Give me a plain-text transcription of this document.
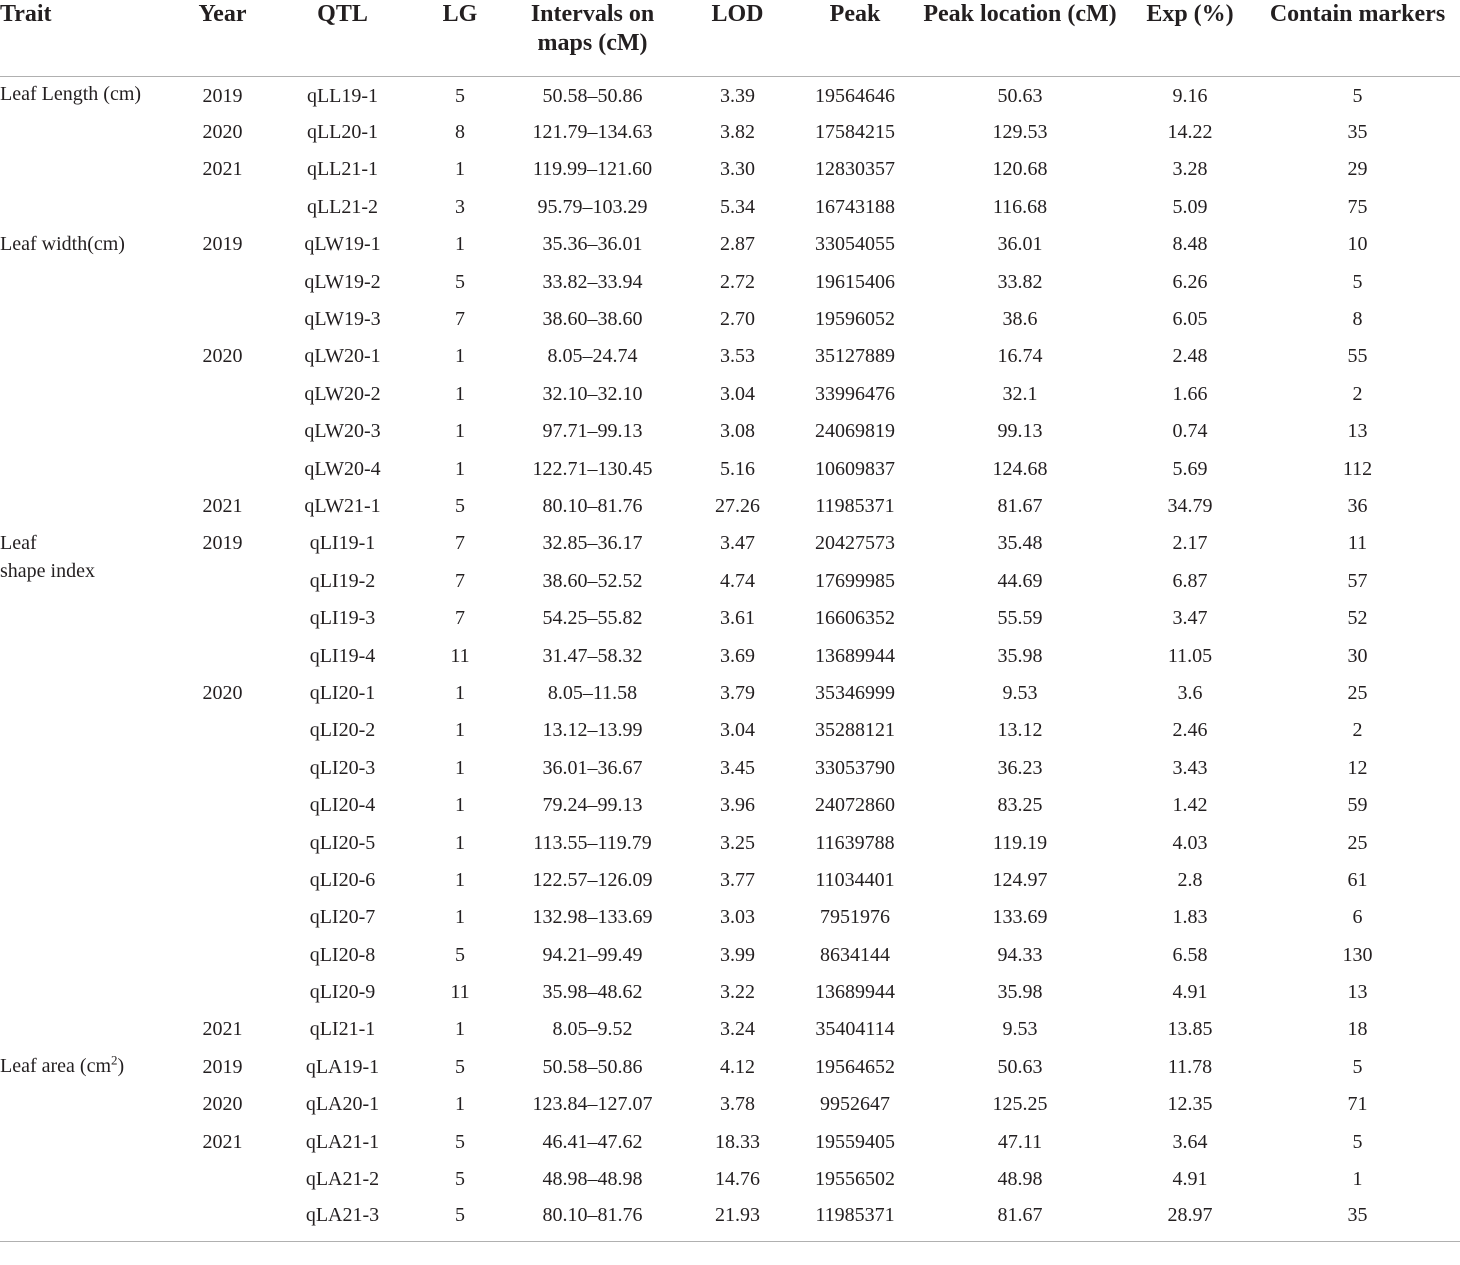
Trait	Year	QTL	LG	Intervals on maps (cM)	LOD	Peak	Peak location (cM)	Exp (%)	Contain markers
Leaf Length (cm)	2019	qLL19-1	5	50.58–50.86	3.39	19564646	50.63	9.16	5
	2020	qLL20-1	8	121.79–134.63	3.82	17584215	129.53	14.22	35
	2021	qLL21-1	1	119.99–121.60	3.30	12830357	120.68	3.28	29
		qLL21-2	3	95.79–103.29	5.34	16743188	116.68	5.09	75
Leaf width(cm)	2019	qLW19-1	1	35.36–36.01	2.87	33054055	36.01	8.48	10
		qLW19-2	5	33.82–33.94	2.72	19615406	33.82	6.26	5
		qLW19-3	7	38.60–38.60	2.70	19596052	38.6	6.05	8
	2020	qLW20-1	1	8.05–24.74	3.53	35127889	16.74	2.48	55
		qLW20-2	1	32.10–32.10	3.04	33996476	32.1	1.66	2
		qLW20-3	1	97.71–99.13	3.08	24069819	99.13	0.74	13
		qLW20-4	1	122.71–130.45	5.16	10609837	124.68	5.69	112
	2021	qLW21-1	5	80.10–81.76	27.26	11985371	81.67	34.79	36
Leaf
shape index	2019	qLI19-1	7	32.85–36.17	3.47	20427573	35.48	2.17	11
		qLI19-2	7	38.60–52.52	4.74	17699985	44.69	6.87	57
		qLI19-3	7	54.25–55.82	3.61	16606352	55.59	3.47	52
		qLI19-4	11	31.47–58.32	3.69	13689944	35.98	11.05	30
	2020	qLI20-1	1	8.05–11.58	3.79	35346999	9.53	3.6	25
		qLI20-2	1	13.12–13.99	3.04	35288121	13.12	2.46	2
		qLI20-3	1	36.01–36.67	3.45	33053790	36.23	3.43	12
		qLI20-4	1	79.24–99.13	3.96	24072860	83.25	1.42	59
		qLI20-5	1	113.55–119.79	3.25	11639788	119.19	4.03	25
		qLI20-6	1	122.57–126.09	3.77	11034401	124.97	2.8	61
		qLI20-7	1	132.98–133.69	3.03	7951976	133.69	1.83	6
		qLI20-8	5	94.21–99.49	3.99	8634144	94.33	6.58	130
		qLI20-9	11	35.98–48.62	3.22	13689944	35.98	4.91	13
	2021	qLI21-1	1	8.05–9.52	3.24	35404114	9.53	13.85	18
Leaf area $(cm^2)$	2019	qLA19-1	5	50.58–50.86	4.12	19564652	50.63	11.78	5
	2020	qLA20-1	1	123.84–127.07	3.78	9952647	125.25	12.35	71
	2021	qLA21-1	5	46.41–47.62	18.33	19559405	47.11	3.64	5
		qLA21-2	5	48.98–48.98	14.76	19556502	48.98	4.91	1
		qLA21-3	5	80.10–81.76	21.93	11985371	81.67	28.97	35
